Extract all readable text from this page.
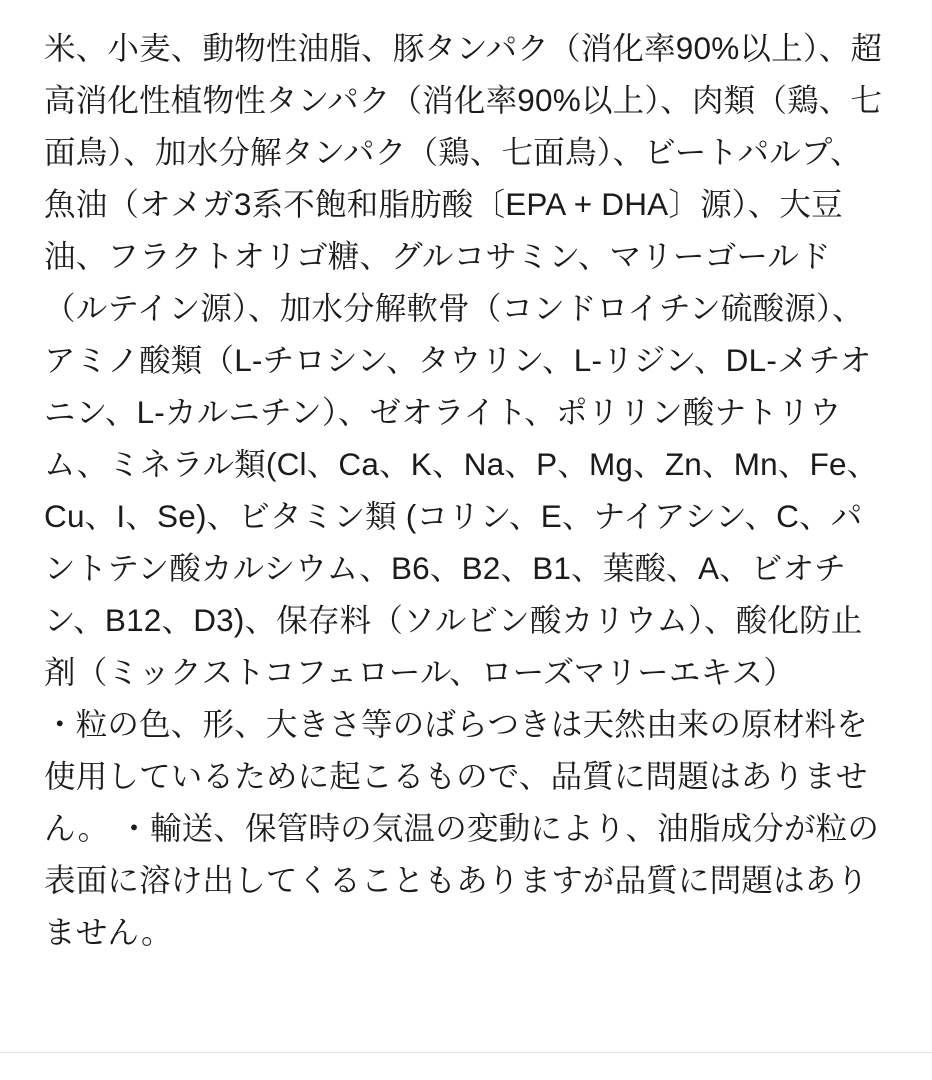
米、小麦、動物性油脂、豚タンパク（消化率90%以上）、超高消化性植物性タンパク（消化率90%以上）、肉類（鶏、七面鳥）、加水分解タンパク（鶏、七面鳥）、ビートパルプ、魚油（オメガ3系不飽和脂肪酸〔EPA + DHA〕源）、大豆油、フラクトオリゴ糖、グルコサミン、マリーゴールド（ルテイン源）、加水分解軟骨（コンドロイチン硫酸源）、アミノ酸類（L-チロシン、タウリン、L-リジン、DL-メチオニン、L-カルニチン）、ゼオライト、ポリリン酸ナトリウム、ミネラル類(Cl、Ca、K、Na、P、Mg、Zn、Mn、Fe、Cu、I、Se)、ビタミン類 (コリン、E、ナイアシン、C、パントテン酸カルシウム、B6、B2、B1、葉酸、A、ビオチン、B12、D3)、保存料（ソルビン酸カリウム）、酸化防止剤（ミックストコフェロール、ローズマリーエキス）

・粒の色、形、大きさ等のばらつきは天然由来の原材料を使用しているために起こるもので、品質に問題はありません。 ・輸送、保管時の気温の変動により、油脂成分が粒の表面に溶け出してくることもありますが品質に問題はありません。
